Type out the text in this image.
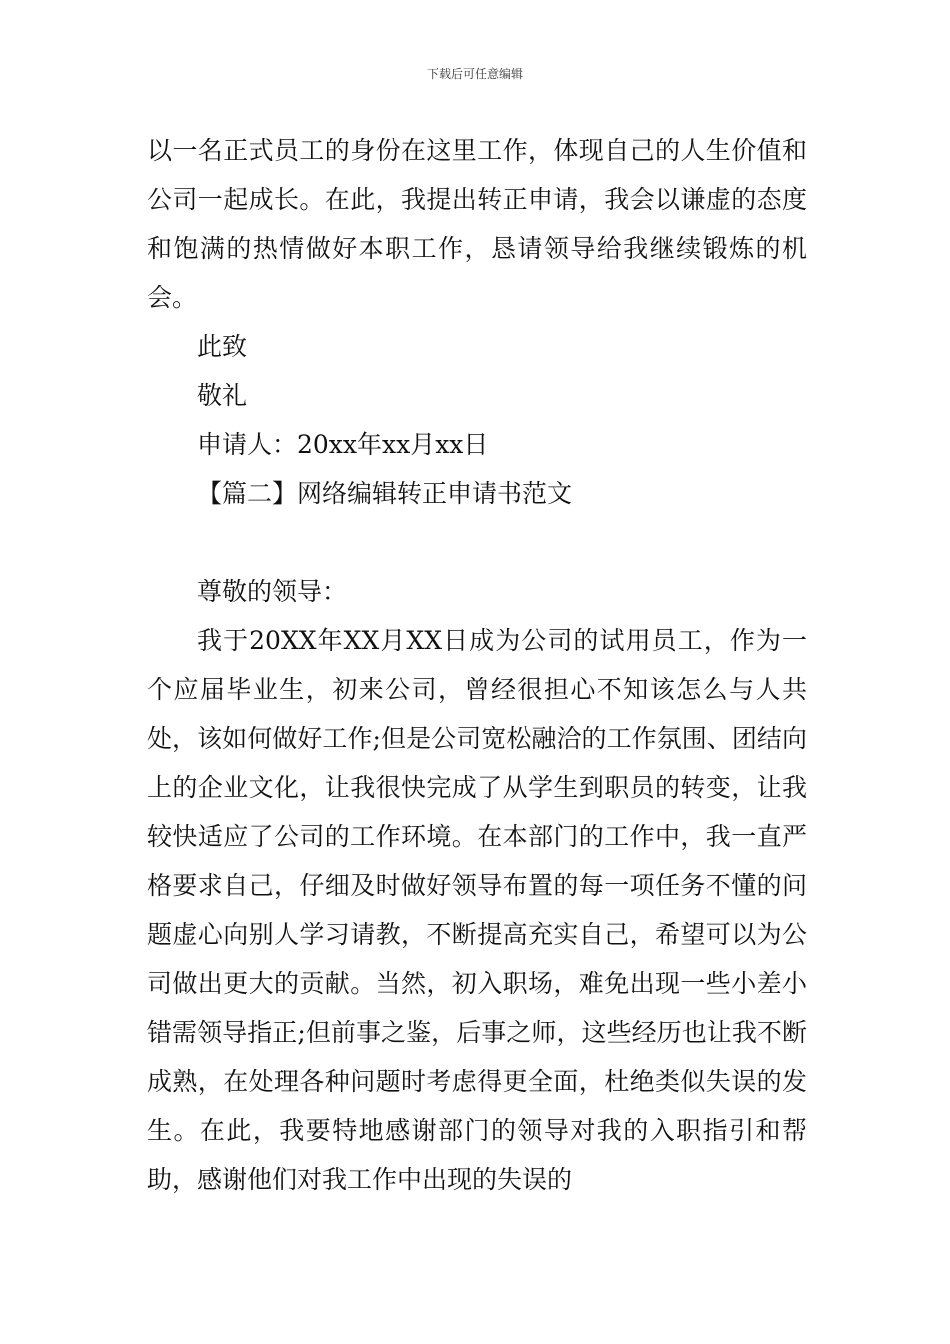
下载后可任意编辑

以一名正式员工的身份在这里工作，体现自己的人生价值和公司一起成长。在此，我提出转正申请，我会以谦虚的态度和饱满的热情做好本职工作，恳请领导给我继续锻炼的机会。

此致

敬礼

申请人：20xx年xx月xx日

【篇二】网络编辑转正申请书范文

尊敬的领导：

我于20XX年XX月XX日成为公司的试用员工，作为一个应届毕业生，初来公司，曾经很担心不知该怎么与人共处，该如何做好工作;但是公司宽松融洽的工作氛围、团结向上的企业文化，让我很快完成了从学生到职员的转变，让我较快适应了公司的工作环境。在本部门的工作中，我一直严格要求自己，仔细及时做好领导布置的每一项任务不懂的问题虚心向别人学习请教，不断提高充实自己，希望可以为公司做出更大的贡献。当然，初入职场，难免出现一些小差小错需领导指正;但前事之鉴，后事之师，这些经历也让我不断成熟，在处理各种问题时考虑得更全面，杜绝类似失误的发生。在此，我要特地感谢部门的领导对我的入职指引和帮助，感谢他们对我工作中出现的失误的
